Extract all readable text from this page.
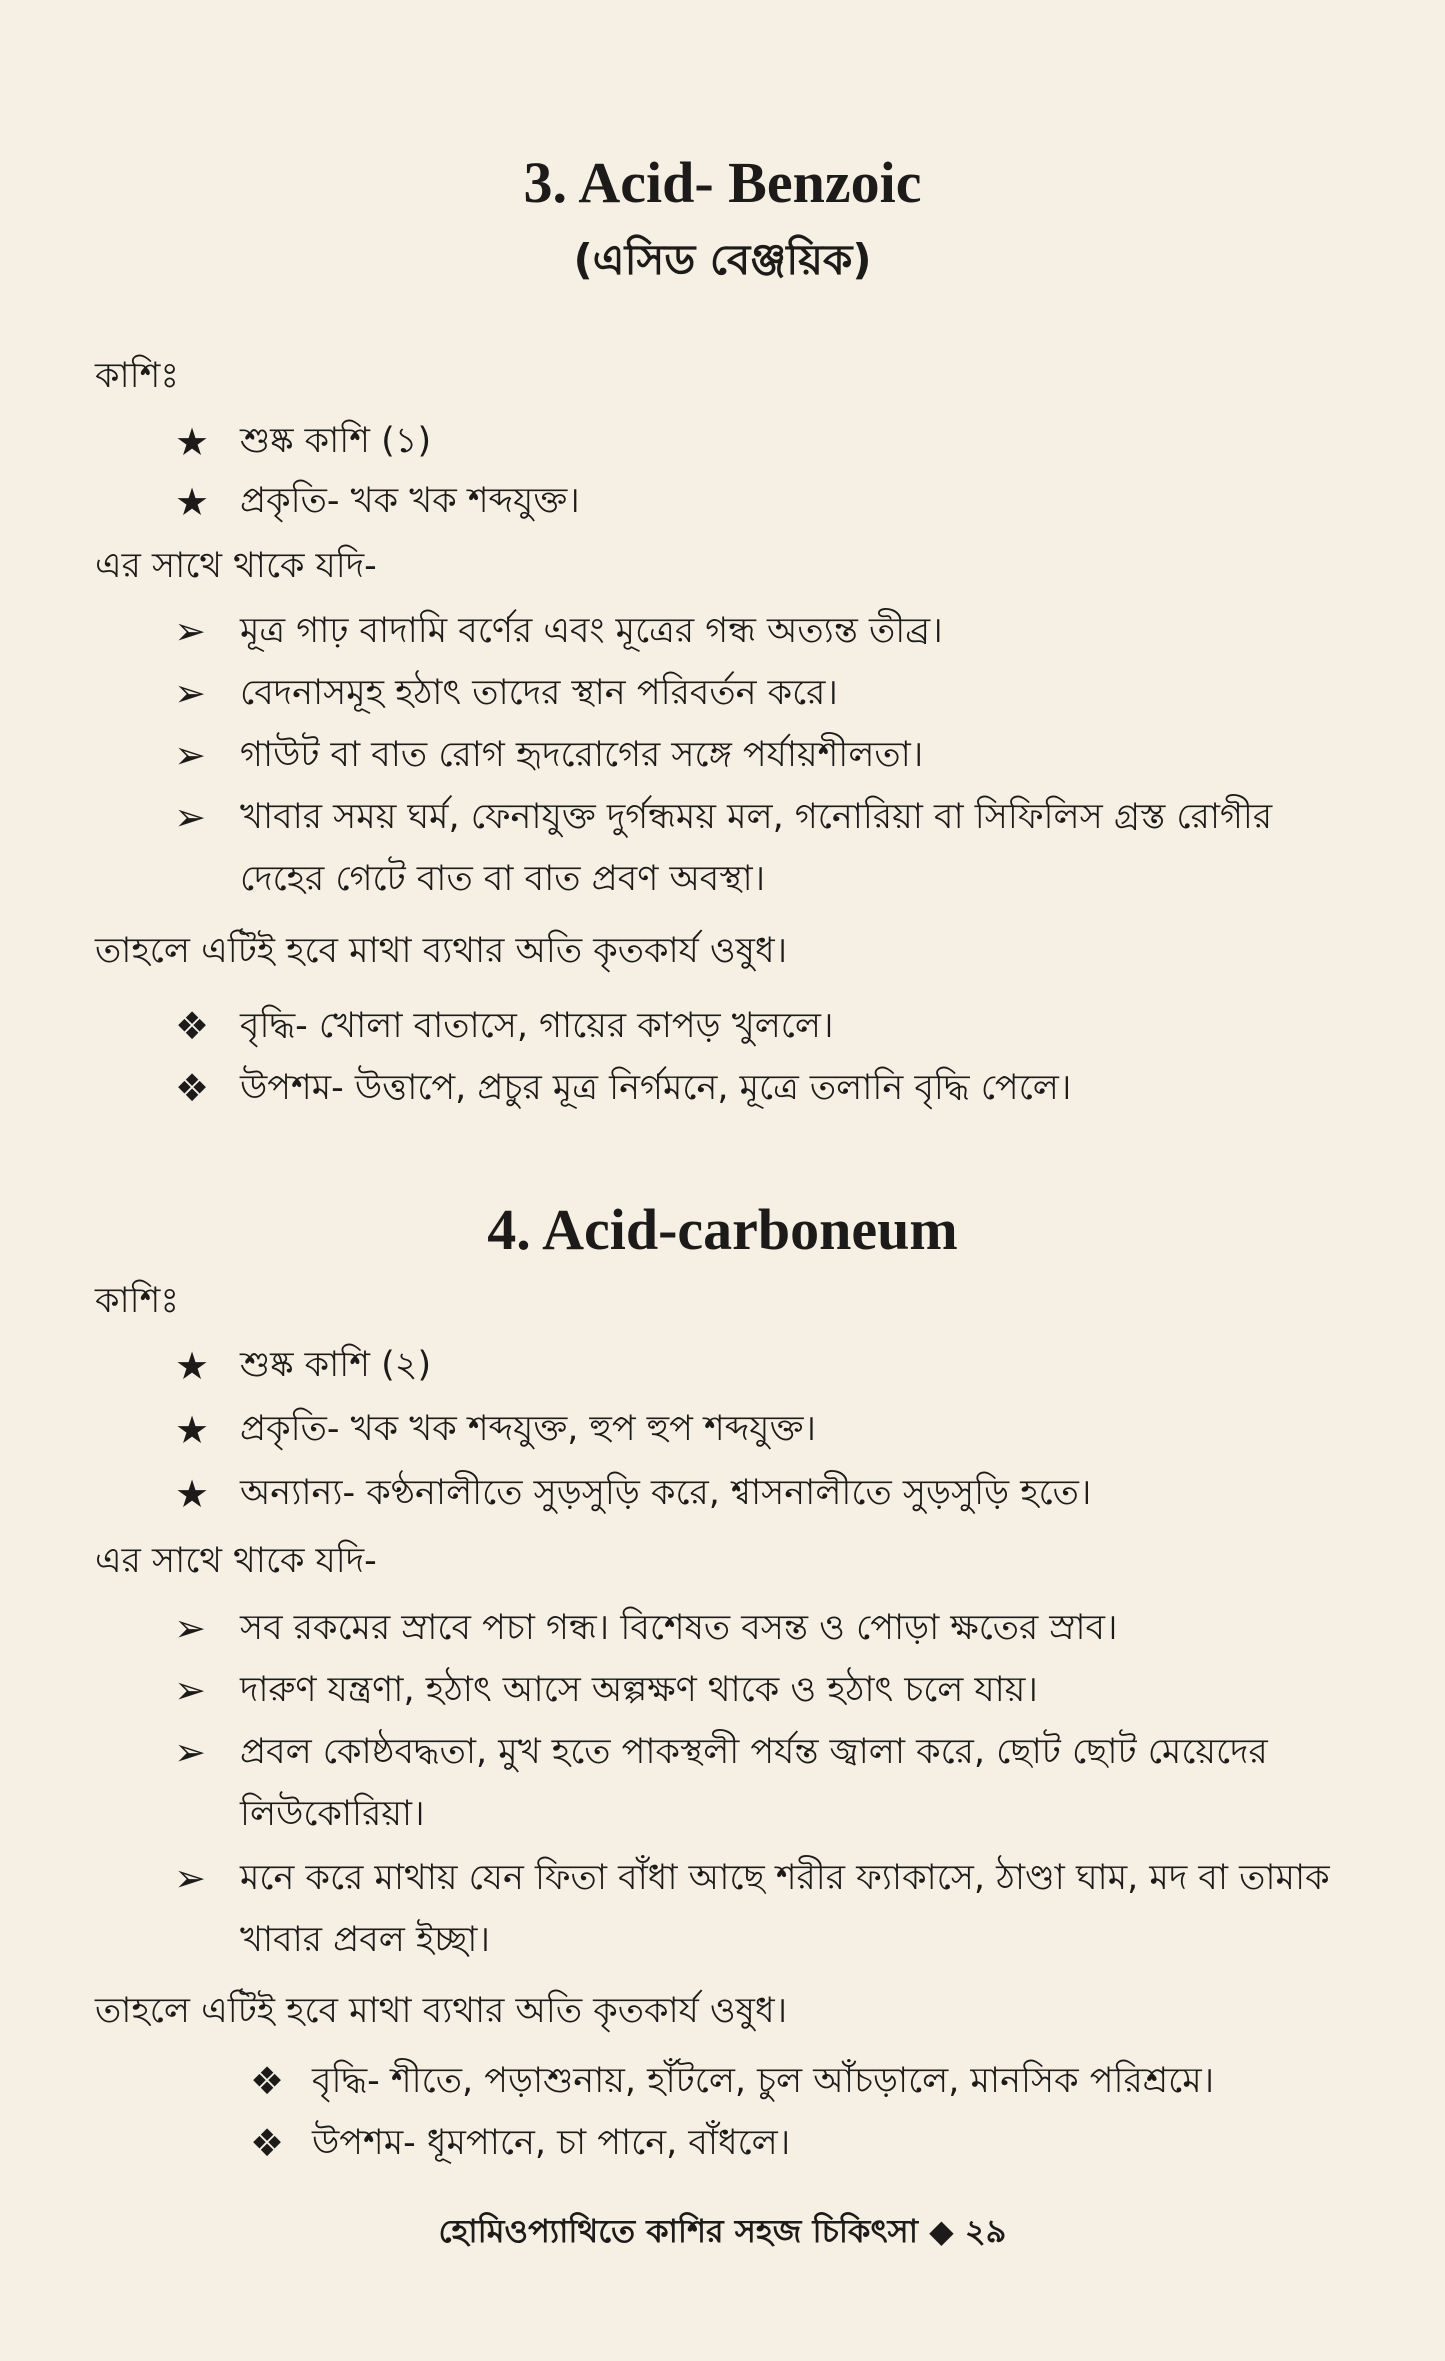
3. Acid- Benzoic
(এসিড বেঞ্জয়িক)
কাশিঃ
★ শুষ্ক কাশি (১)
★ প্রকৃতি- খক খক শব্দযুক্ত।
এর সাথে থাকে যদি-
➢ মূত্র গাঢ় বাদামি বর্ণের এবং মূত্রের গন্ধ অত্যন্ত তীব্র।
➢ বেদনাসমূহ হঠাৎ তাদের স্থান পরিবর্তন করে।
➢ গাউট বা বাত রোগ হৃদরোগের সঙ্গে পর্যায়শীলতা।
➢ খাবার সময় ঘর্ম, ফেনাযুক্ত দুর্গন্ধময় মল, গনোরিয়া বা সিফিলিস গ্রস্ত রোগীর দেহের গেটে বাত বা বাত প্রবণ অবস্থা।
তাহলে এটিই হবে মাথা ব্যথার অতি কৃতকার্য ওষুধ।
❖ বৃদ্ধি- খোলা বাতাসে, গায়ের কাপড় খুললে।
❖ উপশম- উত্তাপে, প্রচুর মূত্র নির্গমনে, মূত্রে তলানি বৃদ্ধি পেলে।
4. Acid-carboneum
কাশিঃ
★ শুষ্ক কাশি (২)
★ প্রকৃতি- খক খক শব্দযুক্ত, হুপ হুপ শব্দযুক্ত।
★ অন্যান্য- কণ্ঠনালীতে সুড়সুড়ি করে, শ্বাসনালীতে সুড়সুড়ি হতে।
এর সাথে থাকে যদি-
➢ সব রকমের স্রাবে পচা গন্ধ। বিশেষত বসন্ত ও পোড়া ক্ষতের স্রাব।
➢ দারুণ যন্ত্রণা, হঠাৎ আসে অল্পক্ষণ থাকে ও হঠাৎ চলে যায়।
➢ প্রবল কোষ্ঠবদ্ধতা, মুখ হতে পাকস্থলী পর্যন্ত জ্বালা করে, ছোট ছোট মেয়েদের লিউকোরিয়া।
➢ মনে করে মাথায় যেন ফিতা বাঁধা আছে শরীর ফ্যাকাসে, ঠাণ্ডা ঘাম, মদ বা তামাক খাবার প্রবল ইচ্ছা।
তাহলে এটিই হবে মাথা ব্যথার অতি কৃতকার্য ওষুধ।
❖ বৃদ্ধি- শীতে, পড়াশুনায়, হাঁটলে, চুল আঁচড়ালে, মানসিক পরিশ্রমে।
❖ উপশম- ধূমপানে, চা পানে, বাঁধলে।
হোমিওপ্যাথিতে কাশির সহজ চিকিৎসা ◆ ২৯
